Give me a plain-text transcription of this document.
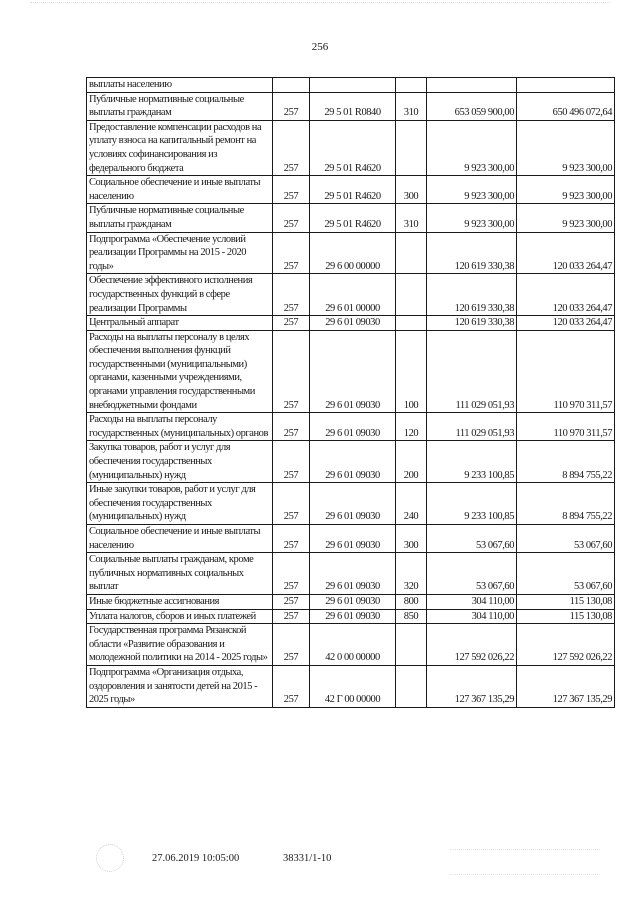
256
выплаты населению					
Публичные нормативные социальные выплаты гражданам	257	29 5 01 R0840	310	653 059 900,00	650 496 072,64
Предоставление компенсации расходов на уплату взноса на капитальный ремонт на условиях софинансирования из федерального бюджета	257	29 5 01 R4620		9 923 300,00	9 923 300,00
Социальное обеспечение и иные выплаты населению	257	29 5 01 R4620	300	9 923 300,00	9 923 300,00
Публичные нормативные социальные выплаты гражданам	257	29 5 01 R4620	310	9 923 300,00	9 923 300,00
Подпрограмма «Обеспечение условий реализации Программы на 2015 - 2020 годы»	257	29 6 00 00000		120 619 330,38	120 033 264,47
Обеспечение эффективного исполнения государственных функций в сфере реализации Программы	257	29 6 01 00000		120 619 330,38	120 033 264,47
Центральный аппарат	257	29 6 01 09030		120 619 330,38	120 033 264,47
Расходы на выплаты персоналу в целях обеспечения выполнения функций государственными (муниципальными) органами, казенными учреждениями, органами управления государственными внебюджетными фондами	257	29 6 01 09030	100	111 029 051,93	110 970 311,57
Расходы на выплаты персоналу государственных (муниципальных) органов	257	29 6 01 09030	120	111 029 051,93	110 970 311,57
Закупка товаров, работ и услуг для обеспечения государственных (муниципальных) нужд	257	29 6 01 09030	200	9 233 100,85	8 894 755,22
Иные закупки товаров, работ и услуг для обеспечения государственных (муниципальных) нужд	257	29 6 01 09030	240	9 233 100,85	8 894 755,22
Социальное обеспечение и иные выплаты населению	257	29 6 01 09030	300	53 067,60	53 067,60
Социальные выплаты гражданам, кроме публичных нормативных социальных выплат	257	29 6 01 09030	320	53 067,60	53 067,60
Иные бюджетные ассигнования	257	29 6 01 09030	800	304 110,00	115 130,08
Уплата налогов, сборов и иных платежей	257	29 6 01 09030	850	304 110,00	115 130,08
Государственная программа Рязанской области «Развитие образования и молодежной политики на 2014 - 2025 годы»	257	42 0 00 00000		127 592 026,22	127 592 026,22
Подпрограмма «Организация отдыха, оздоровления и занятости детей на 2015 - 2025 годы»	257	42 Г 00 00000		127 367 135,29	127 367 135,29
27.06.2019 10:05:00	38331/1-10
